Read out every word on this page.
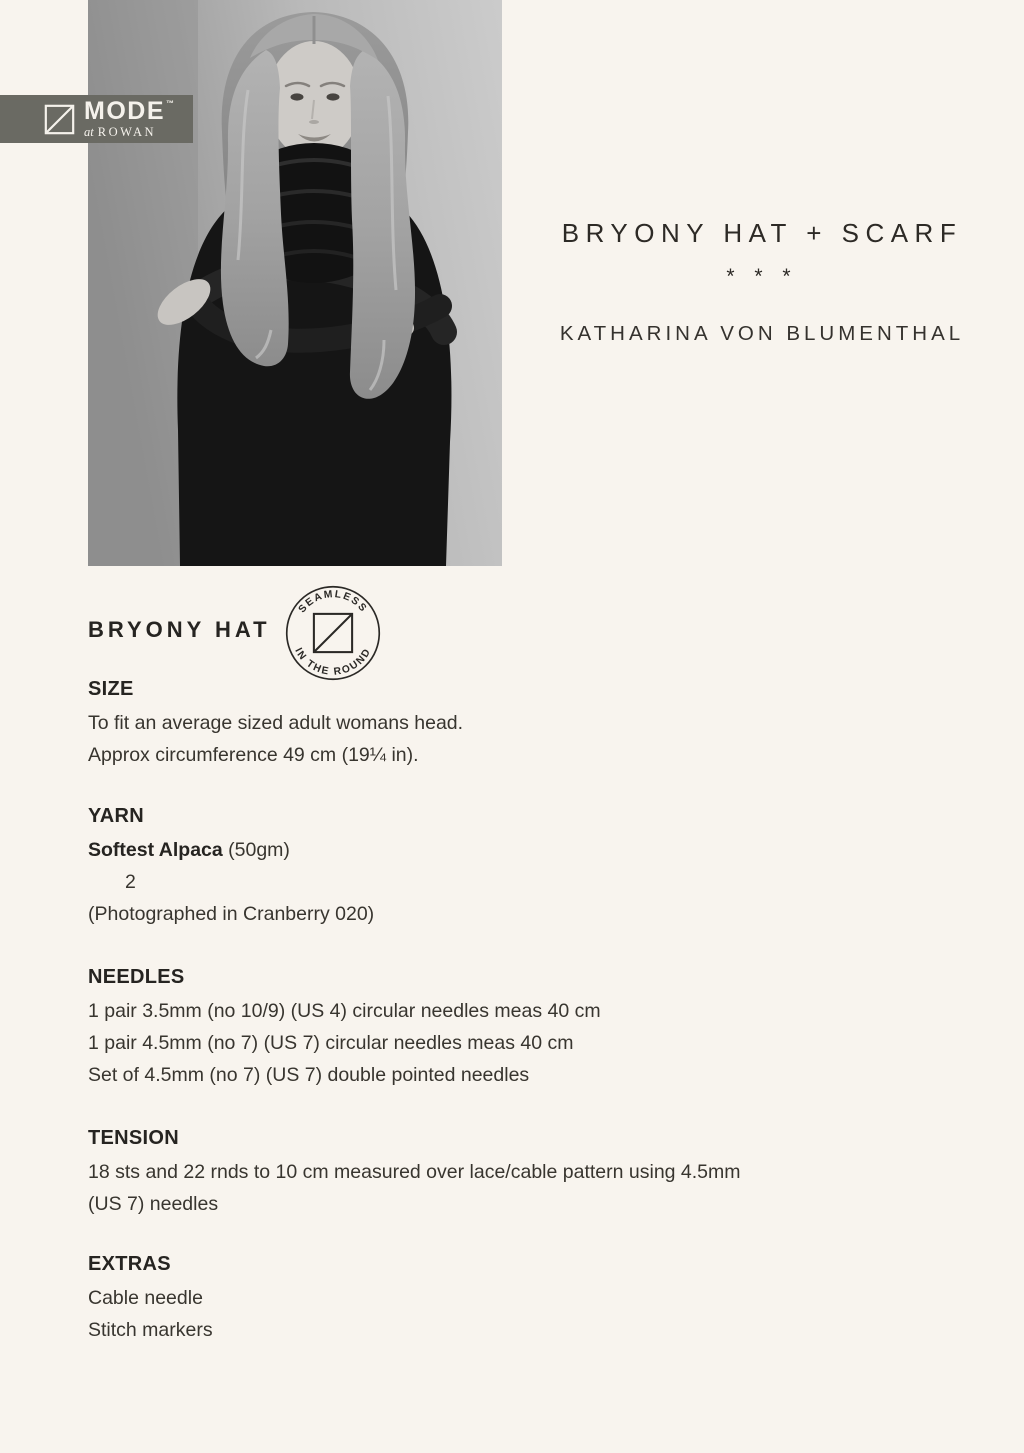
MODE ™
at ROWAN
BRYONY HAT + SCARF
* * *
KATHARINA VON BLUMENTHAL
BRYONY HAT
SEAMLESS
IN THE ROUND
SIZE

To fit an average sized adult womans head.

Approx circumference 49 cm (19¼ in).

YARN

Softest Alpaca (50gm)

2

(Photographed in Cranberry 020)

NEEDLES

1 pair 3.5mm (no 10/9) (US 4) circular needles meas 40 cm

1 pair 4.5mm (no 7) (US 7) circular needles meas 40 cm

Set of 4.5mm (no 7) (US 7) double pointed needles

TENSION

18 sts and 22 rnds to 10 cm measured over lace/cable pattern using 4.5mm

(US 7) needles

EXTRAS

Cable needle

Stitch markers
